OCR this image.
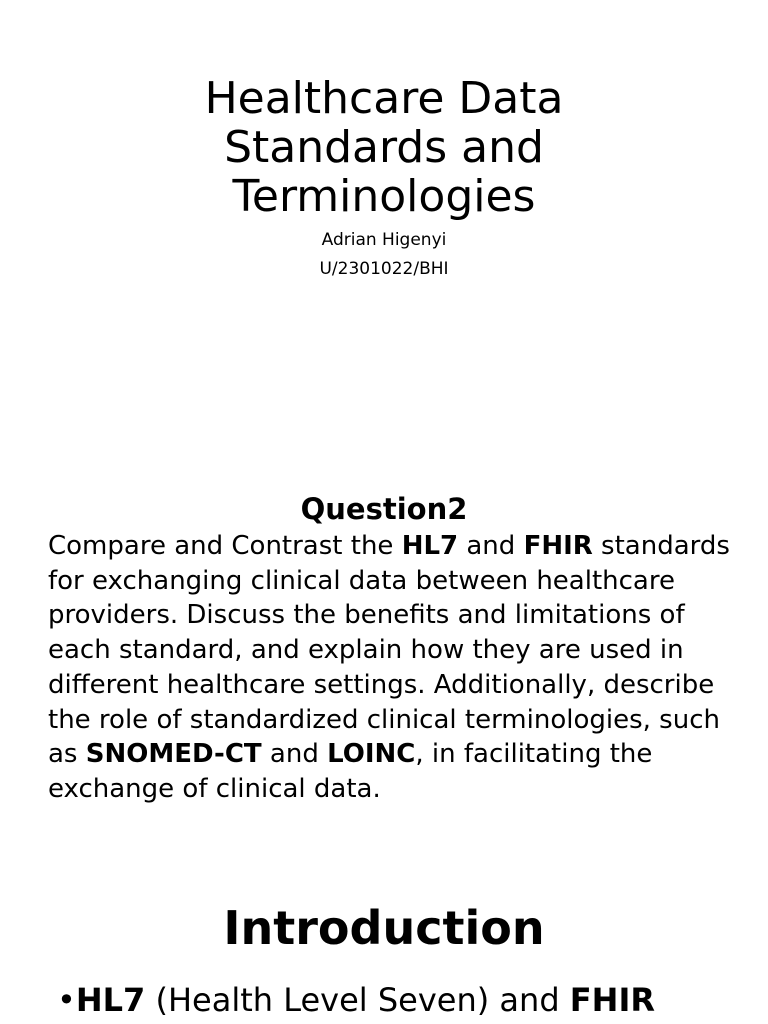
Healthcare Data
Standards and
Terminologies
Adrian Higenyi
U/2301022/BHI
Question2

Compare and Contrast the HL7 and FHIR standards for exchanging clinical data between healthcare providers. Discuss the benefits and limitations of each standard, and explain how they are used in different healthcare settings. Additionally, describe the role of standardized clinical terminologies, such as SNOMED-CT and LOINC, in facilitating the exchange of clinical data.

Introduction

•HL7 (Health Level Seven) and FHIR
